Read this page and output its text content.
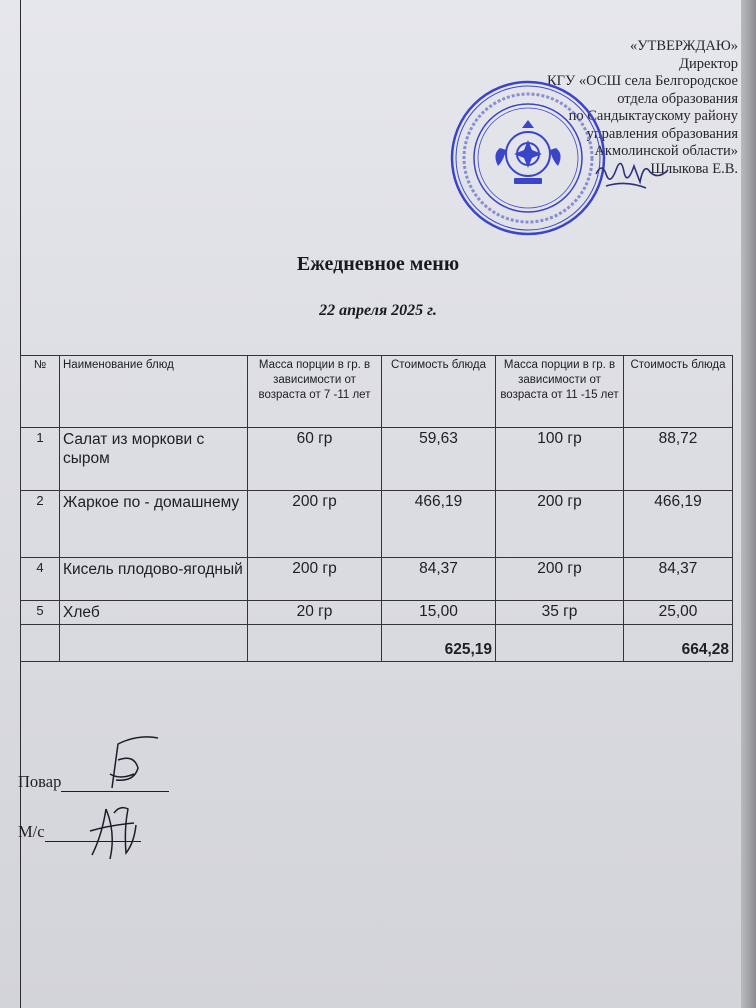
«УТВЕРЖДАЮ»
Директор
КГУ «ОСШ села Белгородское
отдела образования
по Сандыктаускому району
управления образования
Акмолинской области»
Шлыкова Е.В.
Ежедневное меню
22 апреля 2025 г.
№	Наименование блюд	Масса порции в гр. в зависимости от возраста от 7 -11 лет	Стоимость блюда	Масса порции в гр. в зависимости от возраста от 11 -15 лет	Стоимость блюда
1	Салат из моркови с сыром	60 гр	59,63	100 гр	88,72
2	Жаркое по - домашнему	200 гр	466,19	200 гр	466,19
4	Кисель плодово-ягодный	200 гр	84,37	200 гр	84,37
5	Хлеб	20 гр	15,00	35 гр	25,00
			625,19		664,28
Повар
М/с
